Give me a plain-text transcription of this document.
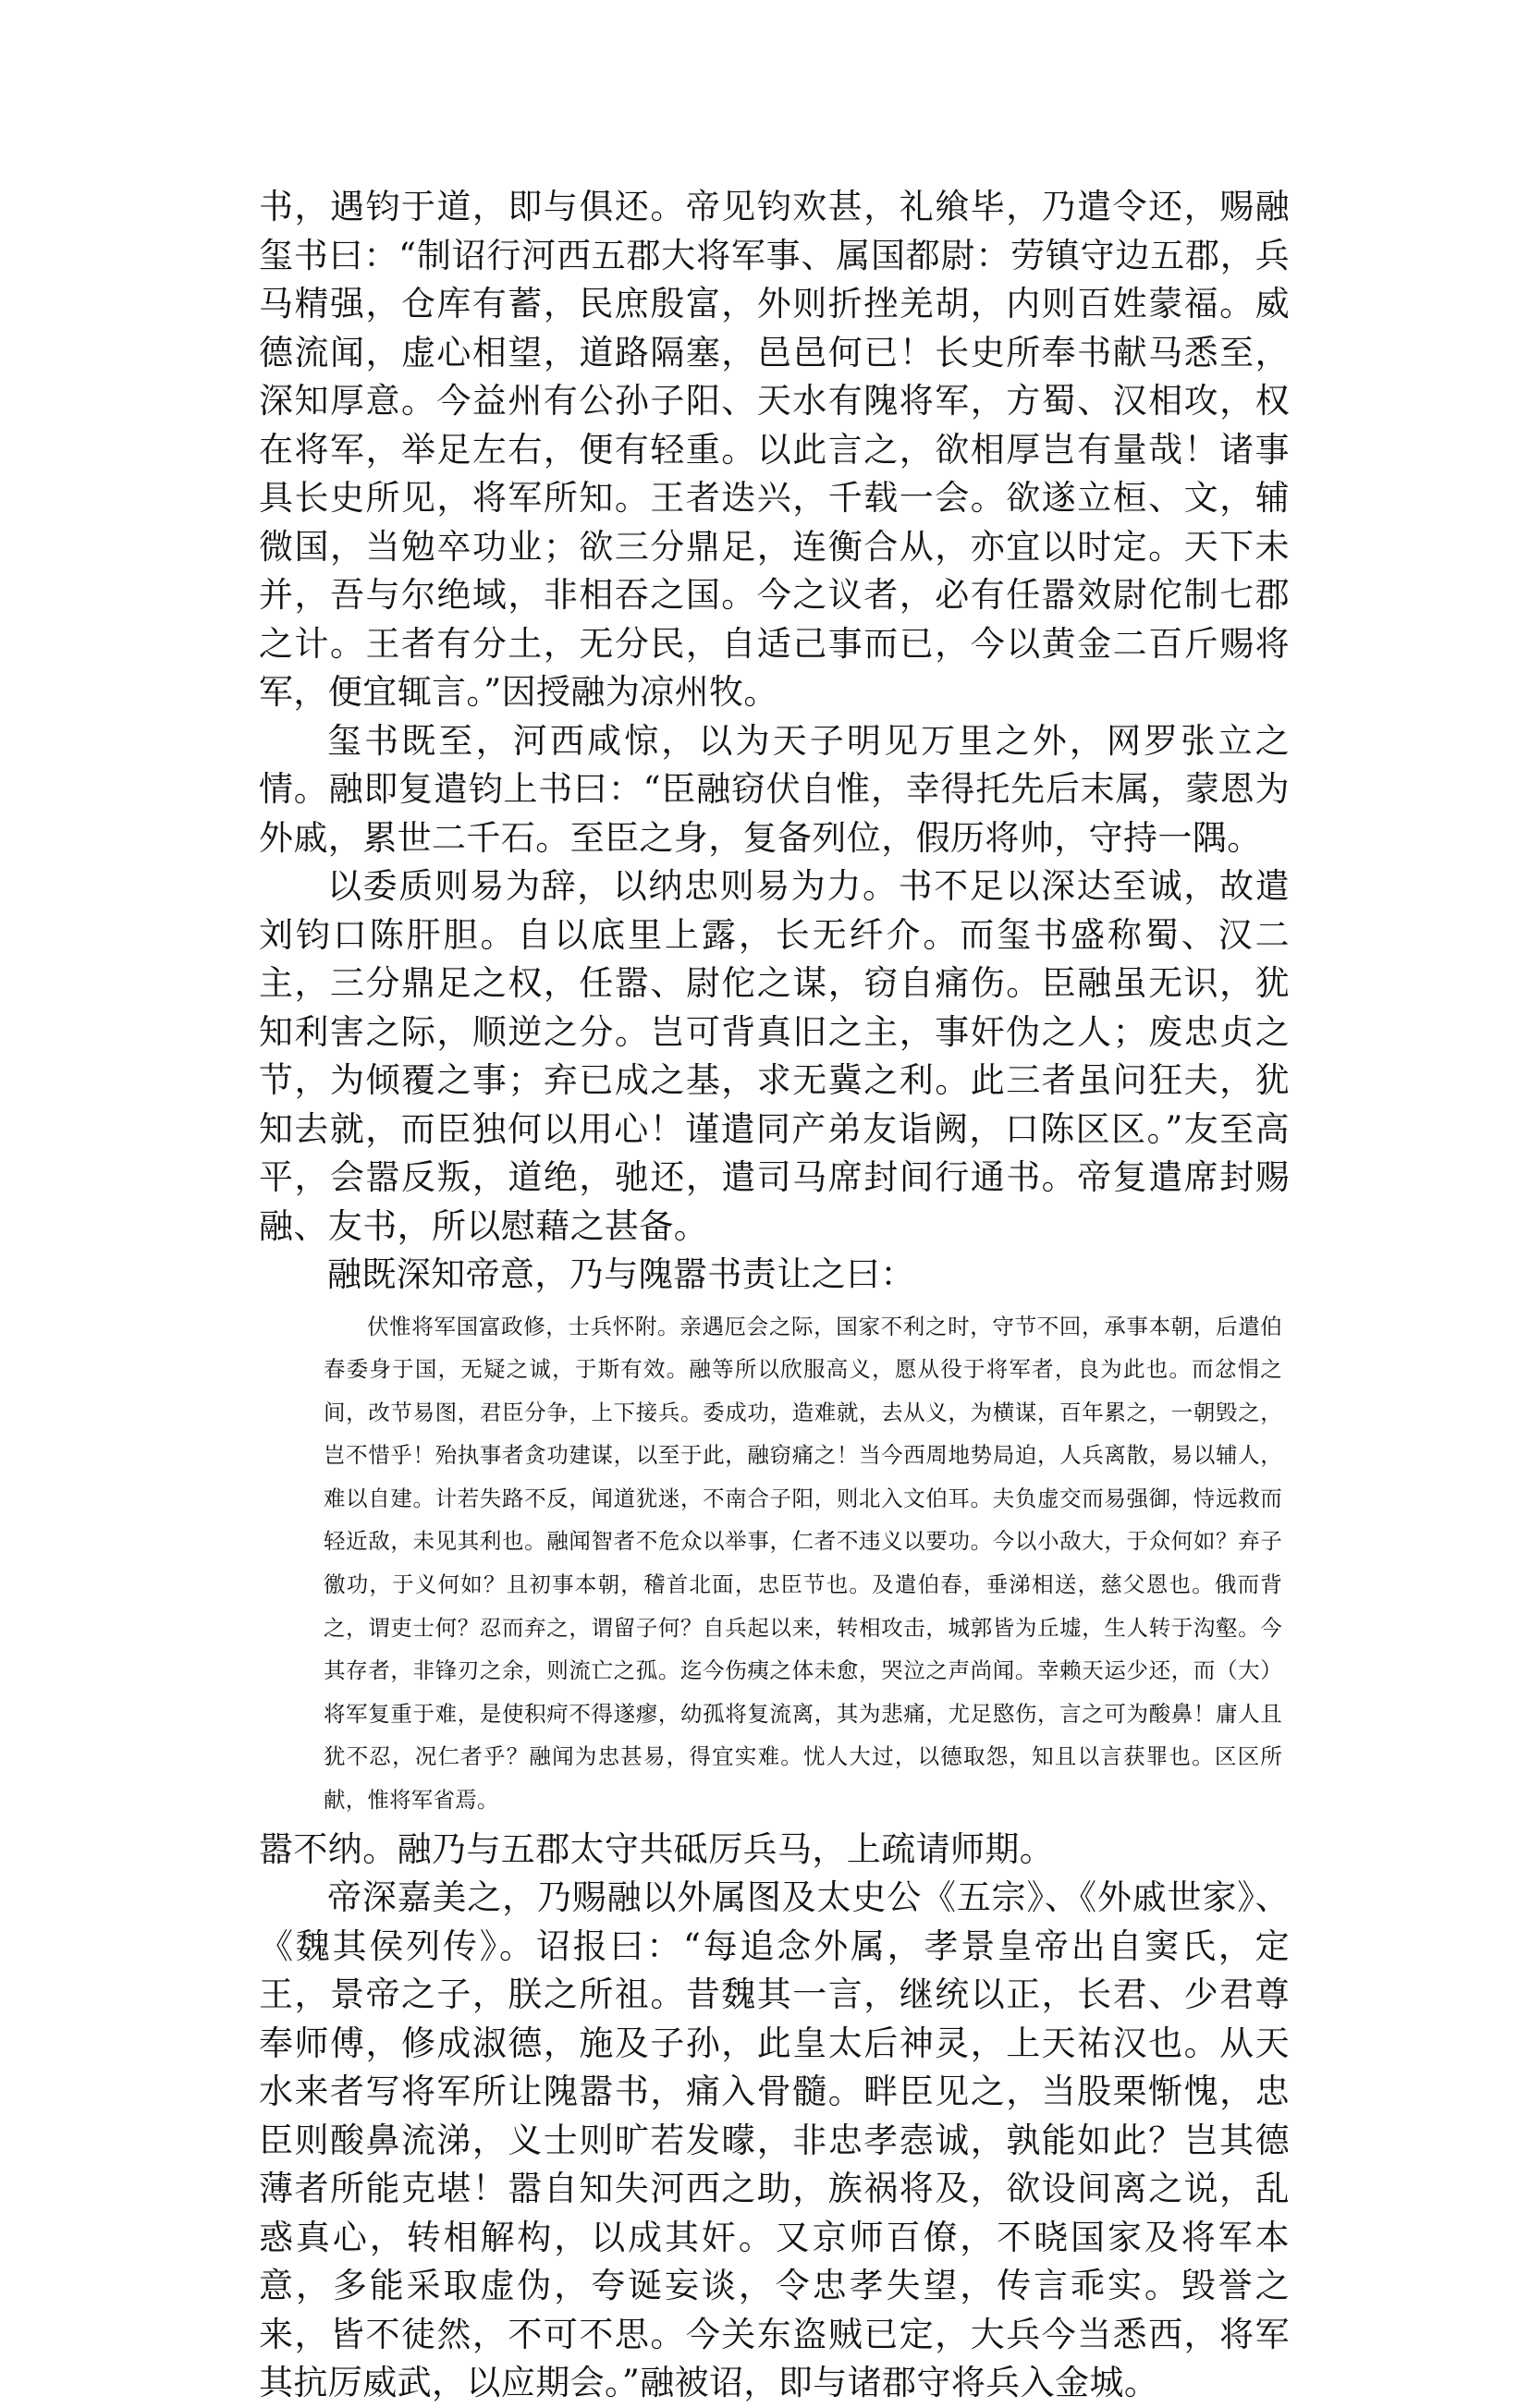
书，遇钧于道，即与俱还。帝见钧欢甚，礼飨毕，乃遣令还，赐融玺书曰：“制诏行河西五郡大将军事、属国都尉：劳镇守边五郡，兵马精强，仓库有蓄，民庶殷富，外则折挫羌胡，内则百姓蒙福。威德流闻，虚心相望，道路隔塞，邑邑何已！长史所奉书献马悉至，深知厚意。今益州有公孙子阳、天水有隗将军，方蜀、汉相攻，权在将军，举足左右，便有轻重。以此言之，欲相厚岂有量哉！诸事具长史所见，将军所知。王者迭兴，千载一会。欲遂立桓、文，辅微国，当勉卒功业；欲三分鼎足，连衡合从，亦宜以时定。天下未并，吾与尔绝域，非相吞之国。今之议者，必有任嚣效尉佗制七郡之计。王者有分土，无分民，自适己事而已，今以黄金二百斤赐将军，便宜辄言。”因授融为凉州牧。

玺书既至，河西咸惊，以为天子明见万里之外，网罗张立之情。融即复遣钧上书曰：“臣融窃伏自惟，幸得托先后末属，蒙恩为外戚，累世二千石。至臣之身，复备列位，假历将帅，守持一隅。

以委质则易为辞，以纳忠则易为力。书不足以深达至诚，故遣刘钧口陈肝胆。自以底里上露，长无纤介。而玺书盛称蜀、汉二主，三分鼎足之权，任嚣、尉佗之谋，窃自痛伤。臣融虽无识，犹知利害之际，顺逆之分。岂可背真旧之主，事奸伪之人；废忠贞之节，为倾覆之事；弃已成之基，求无冀之利。此三者虽问狂夫，犹知去就，而臣独何以用心！谨遣同产弟友诣阙，口陈区区。”友至高平，会嚣反叛，道绝，驰还，遣司马席封间行通书。帝复遣席封赐融、友书，所以慰藉之甚备。

融既深知帝意，乃与隗嚣书责让之曰：

伏惟将军国富政修，士兵怀附。亲遇厄会之际，国家不利之时，守节不回，承事本朝，后遣伯春委身于国，无疑之诚，于斯有效。融等所以欣服高义，愿从役于将军者，良为此也。而忿悁之间，改节易图，君臣分争，上下接兵。委成功，造难就，去从义，为横谋，百年累之，一朝毁之，岂不惜乎！殆执事者贪功建谋，以至于此，融窃痛之！当今西周地势局迫，人兵离散，易以辅人，难以自建。计若失路不反，闻道犹迷，不南合子阳，则北入文伯耳。夫负虚交而易强御，恃远救而轻近敌，未见其利也。融闻智者不危众以举事，仁者不违义以要功。今以小敌大，于众何如？弃子徼功，于义何如？且初事本朝，稽首北面，忠臣节也。及遣伯春，垂涕相送，慈父恩也。俄而背之，谓吏士何？忍而弃之，谓留子何？自兵起以来，转相攻击，城郭皆为丘墟，生人转于沟壑。今其存者，非锋刃之余，则流亡之孤。迄今伤痍之体未愈，哭泣之声尚闻。幸赖天运少还，而（大）将军复重于难，是使积疴不得遂瘳，幼孤将复流离，其为悲痛，尤足愍伤，言之可为酸鼻！庸人且犹不忍，况仁者乎？融闻为忠甚易，得宜实难。忧人大过，以德取怨，知且以言获罪也。区区所献，惟将军省焉。

嚣不纳。融乃与五郡太守共砥厉兵马，上疏请师期。

帝深嘉美之，乃赐融以外属图及太史公《五宗》、《外戚世家》、《魏其侯列传》。诏报曰：“每追念外属，孝景皇帝出自窦氏，定王，景帝之子，朕之所祖。昔魏其一言，继统以正，长君、少君尊奉师傅，修成淑德，施及子孙，此皇太后神灵，上天祐汉也。从天水来者写将军所让隗嚣书，痛入骨髓。畔臣见之，当股栗惭愧，忠臣则酸鼻流涕，义士则旷若发曚，非忠孝悫诚，孰能如此？岂其德薄者所能克堪！嚣自知失河西之助，族祸将及，欲设间离之说，乱惑真心，转相解构，以成其奸。又京师百僚，不晓国家及将军本意，多能采取虚伪，夸诞妄谈，令忠孝失望，传言乖实。毁誉之来，皆不徒然，不可不思。今关东盗贼已定，大兵今当悉西，将军其抗厉威武，以应期会。”融被诏，即与诸郡守将兵入金城。
